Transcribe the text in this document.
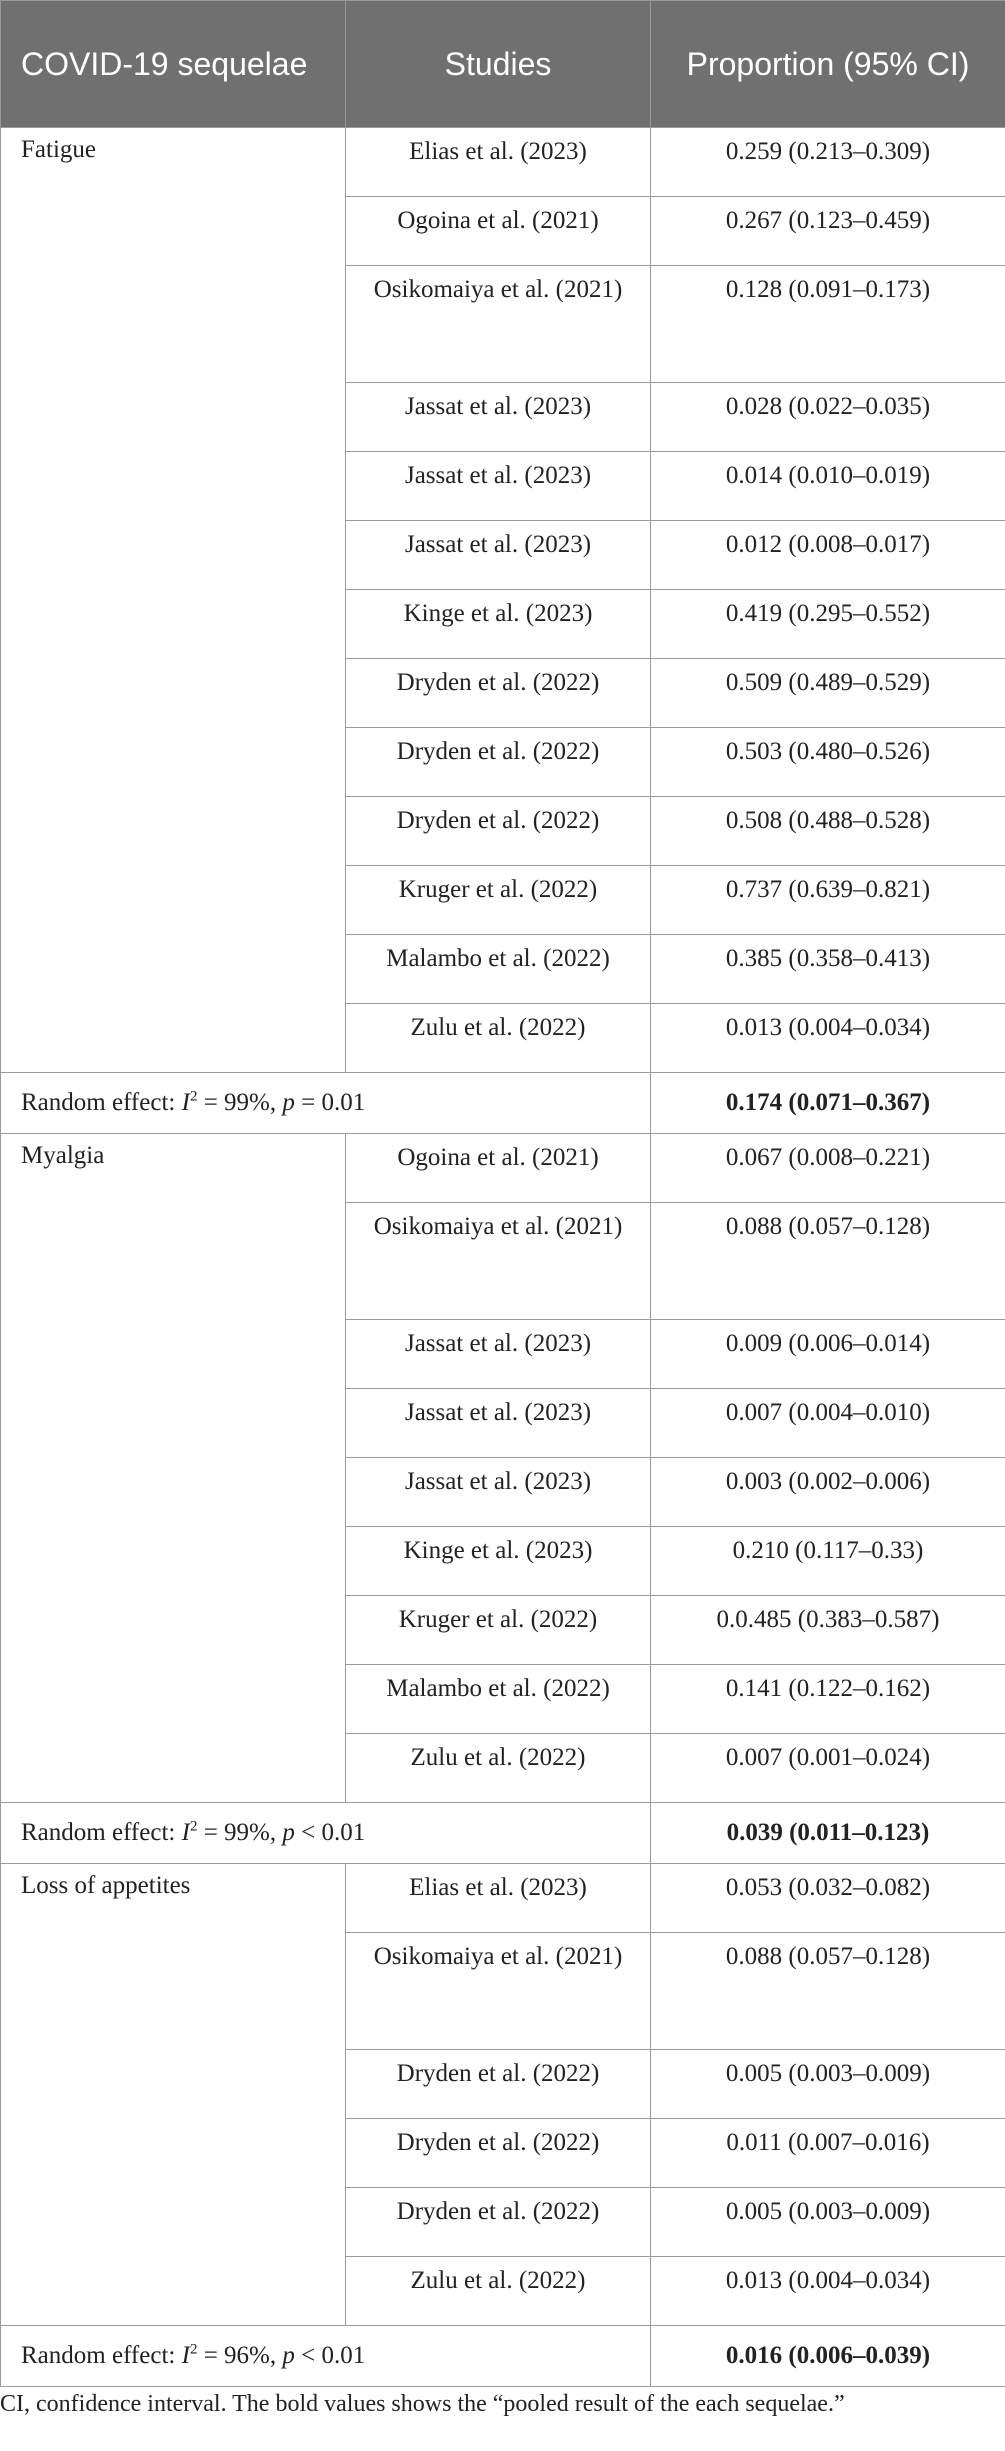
COVID-19 sequelae	Studies	Proportion (95% CI)
Fatigue	Elias et al. (2023)	0.259 (0.213–0.309)
	Ogoina et al. (2021)	0.267 (0.123–0.459)
	Osikomaiya et al. (2021)	0.128 (0.091–0.173)
	Jassat et al. (2023)	0.028 (0.022–0.035)
	Jassat et al. (2023)	0.014 (0.010–0.019)
	Jassat et al. (2023)	0.012 (0.008–0.017)
	Kinge et al. (2023)	0.419 (0.295–0.552)
	Dryden et al. (2022)	0.509 (0.489–0.529)
	Dryden et al. (2022)	0.503 (0.480–0.526)
	Dryden et al. (2022)	0.508 (0.488–0.528)
	Kruger et al. (2022)	0.737 (0.639–0.821)
	Malambo et al. (2022)	0.385 (0.358–0.413)
	Zulu et al. (2022)	0.013 (0.004–0.034)
Random effect: $I^2 = 99\%$, p = 0.01		0.174 (0.071–0.367)
Myalgia	Ogoina et al. (2021)	0.067 (0.008–0.221)
	Osikomaiya et al. (2021)	0.088 (0.057–0.128)
	Jassat et al. (2023)	0.009 (0.006–0.014)
	Jassat et al. (2023)	0.007 (0.004–0.010)
	Jassat et al. (2023)	0.003 (0.002–0.006)
	Kinge et al. (2023)	0.210 (0.117–0.33)
	Kruger et al. (2022)	0.0.485 (0.383–0.587)
	Malambo et al. (2022)	0.141 (0.122–0.162)
	Zulu et al. (2022)	0.007 (0.001–0.024)
Random effect: $I^2 = 99\%$, p < 0.01		0.039 (0.011–0.123)
Loss of appetites	Elias et al. (2023)	0.053 (0.032–0.082)
	Osikomaiya et al. (2021)	0.088 (0.057–0.128)
	Dryden et al. (2022)	0.005 (0.003–0.009)
	Dryden et al. (2022)	0.011 (0.007–0.016)
	Dryden et al. (2022)	0.005 (0.003–0.009)
	Zulu et al. (2022)	0.013 (0.004–0.034)
Random effect: $I^2 = 96\%$, p < 0.01		0.016 (0.006–0.039)
CI, confidence interval. The bold values shows the “pooled result of the each sequelae.”
